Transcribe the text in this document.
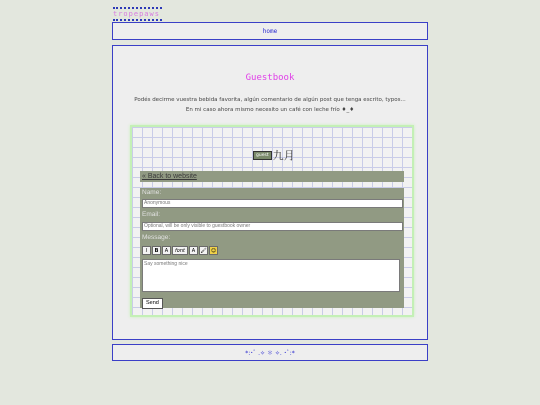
tropepaws
home
Guestbook
Podés decirme vuestra bebida favorita, algún comentario de algún post que tenga escrito, typos...
En mi caso ahora mismo necesito un café con leche frío ♦︎_♦︎
guest 九月
« Back to website
Name:
Anonymous
Email:
Optional, will be only visible to guestbook owner
Message:
I	B	A	font	A	🖌 ☺
Say something nice
Send
*:･ﾟ .✧ ＊ ✧. ･ﾟ:*
